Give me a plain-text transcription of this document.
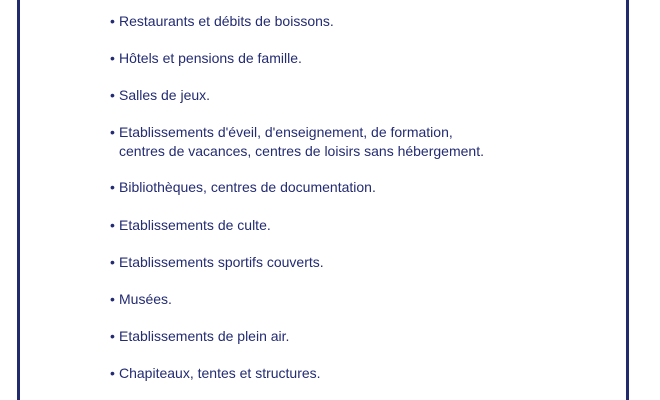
• Restaurants et débits de boissons.
• Hôtels et pensions de famille.
• Salles de jeux.
• Etablissements d'éveil, d'enseignement, de formation,
centres de vacances, centres de loisirs sans hébergement.
• Bibliothèques, centres de documentation.
• Etablissements de culte.
• Etablissements sportifs couverts.
• Musées.
• Etablissements de plein air.
• Chapiteaux, tentes et structures.
